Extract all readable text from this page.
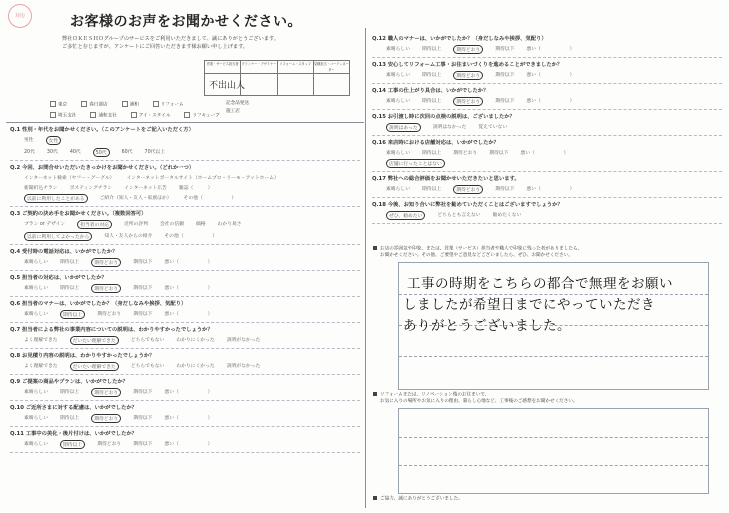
対応	お客様のお声をお聞かせください。
弊社ＯＫＥＳＨＯグループのサービスをご利用いただきまして、誠にありがとうございます。
ご多忙と存じますが、アンケートにご回答いただきます様お願い申し上げます。
営業・サービス担当者 プランナー・デザイナー リフォーム・スタッフ 見積担当・コーディネーター
不出山人
東京	春日部店	浦和	リフォーム
埼玉支社	浦和支社	アイ・スタイル	リフキューブ
記念品発送
施工店
Q.1 性別・年代をお聞かせください。（このアンケートをご記入いただく方）
男性	女性
20代	30代	40代	50代	60代	70代以上
Q.2 今回、お問合せいただいたきっかけをお聞かせください。（どれか一つ）
インターネット検索（ヤフー・グーグル）	インターネットポータルサイト（ホームプロ・リーモ・アットホーム）
新聞折込チラシ	ポスティングチラシ	インターネット広告	雑誌（　　　）
以前に利用したことがある	ご紹介（知人・友人・家族ほか）	その他（　　　　　　）
Q.3 ご契約の決め手をお聞かせください。（複数回答可）
プラン or デザイン	担当者の対応	近所の評判	会社の信頼	価格	わかり易さ
以前に利用してよかったから	知人・友人からの紹介	その他（　　　　　　）
Q.4 受付時の電話対応は、いかがでしたか？
素晴らしい	期待以上	期待どおり	期待以下	悪い（　　　　　　）
Q.5 担当者の対応は、いかがでしたか？
素晴らしい	期待以上	期待どおり	期待以下	悪い（　　　　　　）
Q.6 担当者のマナーは、いかがでしたか？（身だしなみや挨拶、気配り）
素晴らしい	期待以上	期待どおり	期待以下	悪い（　　　　　　）
Q.7 担当者による弊社の事業内容についての説明は、わかりやすかったでしょうか？
よく理解できた	だいたい理解できた	どちらでもない	わかりにくかった	説明がなかった
Q.8 お見積り内容の説明は、わかりやすかったでしょうか？
よく理解できた	だいたい理解できた	どちらでもない	わかりにくかった	説明がなかった
Q.9 ご提案の商品やプランは、いかがでしたか？
素晴らしい	期待以上	期待どおり	期待以下	悪い（　　　　　　）
Q.10 ご近所さまに対する配慮は、いかがでしたか？
素晴らしい	期待以上	期待どおり	期待以下	悪い（　　　　　　）
Q.11 工事中の美化・後片付けは、いかがでしたか？
素晴らしい	期待以上	期待どおり	期待以下	悪い（　　　　　　）
Q.12 職人のマナーは、いかがでしたか？（身だしなみや挨拶、気配り）
素晴らしい	期待以上	期待どおり	期待以下	悪い（　　　　　　）
Q.13 安心してリフォーム工事・お住まいづくりを進めることができましたか？
素晴らしい	期待以上	期待どおり	期待以下	悪い（　　　　　　）
Q.14 工事の仕上がり具合は、いかがでしたか？
素晴らしい	期待以上	期待どおり	期待以下	悪い（　　　　　　）
Q.15 お引渡し時に次回の点検の説明は、ございましたか？
説明はあった	説明はなかった	覚えていない
Q.16 来店時における店舗対応は、いかがでしたか？
素晴らしい	期待以上	期待どおり	期待以下	悪い（　　　　　　）
店舗に行ったことはない
Q.17 弊社への総合評価をお聞かせいただきたいと思います。
素晴らしい	期待以上	期待どおり	期待以下	悪い（　　　　　　）
Q.18 今後、お知り合いに弊社を勧めていただくことはございますでしょうか？
ぜひ、勧めたい	どちらとも言えない	勧めたくない
お店の雰囲気や印象、または、営業（サービス）担当者や職人で印象に残った者がありましたら、
お聞かせください。その他、ご要望やご意見などございましたら、ぜひ、お聞かせください。
工事の時期をこちらの都合で無理をお願い
しましたが希望日までにやっていただき
ありがとうございました。
リフォームまたは、リノベーション後のお住まいで、
お気に入りの場所やお気に入りの理由、暮らし心地など、工事後のご感想をお聞かせください。
ご協力、誠にありがとうございました。
